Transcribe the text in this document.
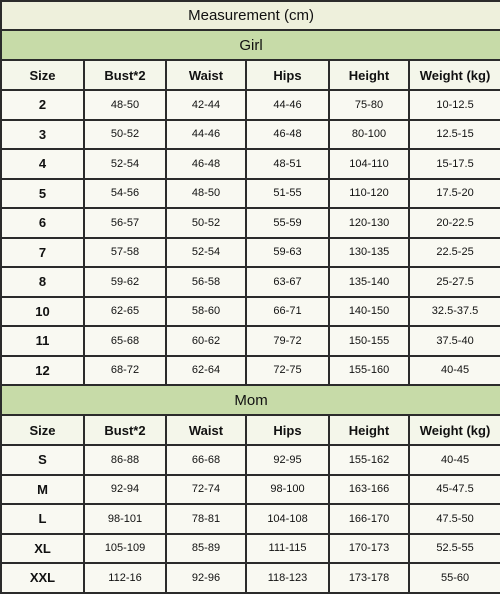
Measurement (cm)					
Girl					
Size	Bust*2	Waist	Hips	Height	Weight (kg)
2	48-50	42-44	44-46	75-80	10-12.5
3	50-52	44-46	46-48	80-100	12.5-15
4	52-54	46-48	48-51	104-110	15-17.5
5	54-56	48-50	51-55	110-120	17.5-20
6	56-57	50-52	55-59	120-130	20-22.5
7	57-58	52-54	59-63	130-135	22.5-25
8	59-62	56-58	63-67	135-140	25-27.5
10	62-65	58-60	66-71	140-150	32.5-37.5
11	65-68	60-62	79-72	150-155	37.5-40
12	68-72	62-64	72-75	155-160	40-45
Mom					
Size	Bust*2	Waist	Hips	Height	Weight (kg)
S	86-88	66-68	92-95	155-162	40-45
M	92-94	72-74	98-100	163-166	45-47.5
L	98-101	78-81	104-108	166-170	47.5-50
XL	105-109	85-89	111-115	170-173	52.5-55
XXL	112-16	92-96	118-123	173-178	55-60
